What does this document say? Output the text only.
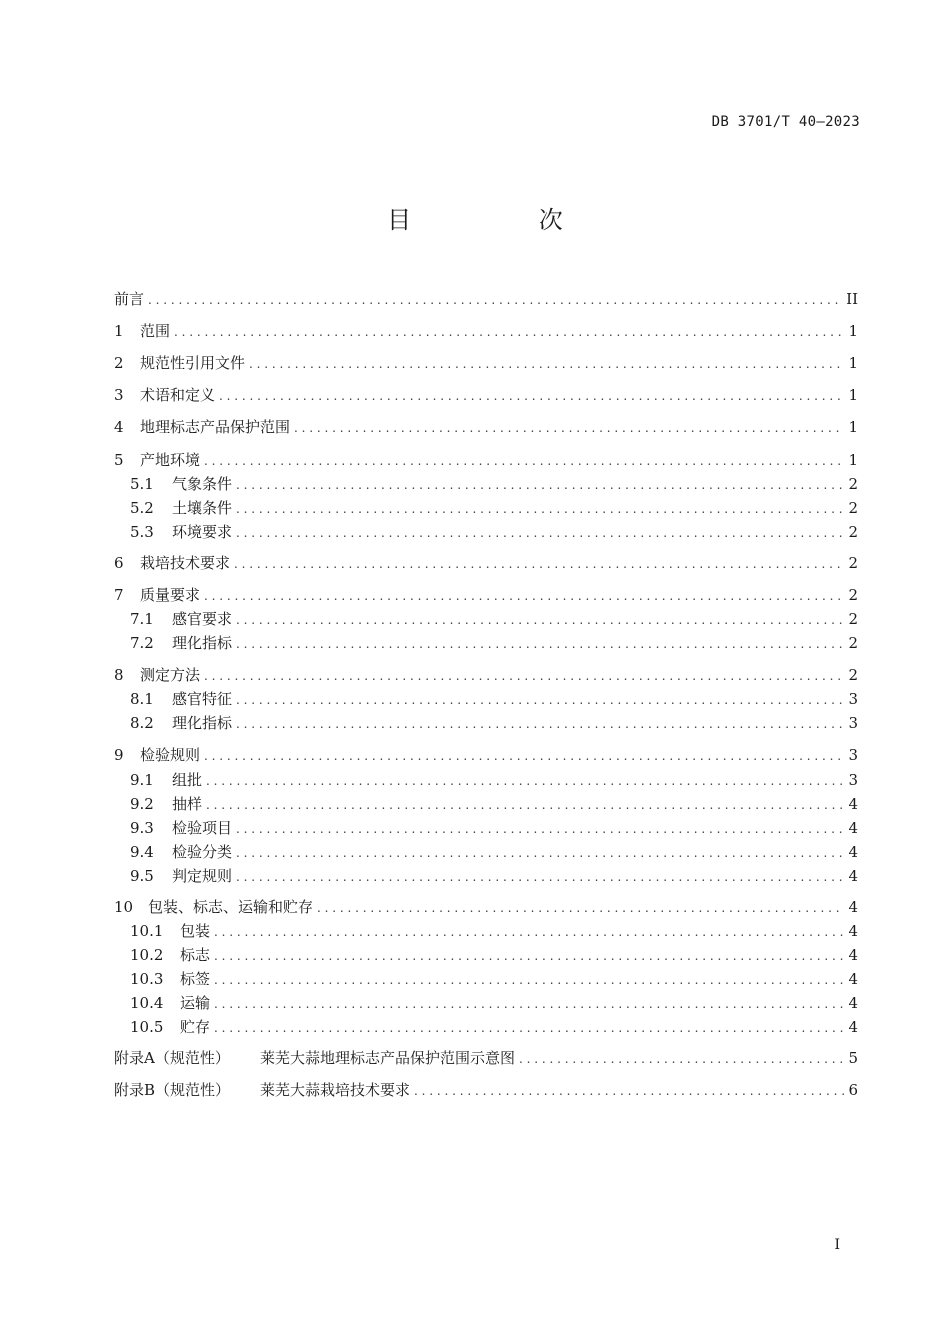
DB 3701/T 40—2023
目 次
前言 . . .	II
1	范围 . . .	1
2	规范性引用文件 . . .	1
3	术语和定义 . . .	1
4	地理标志产品保护范围 . . .	1
5	产地环境 . . .	1
5.1	气象条件 . . .	2
5.2	土壤条件 . . .	2
5.3	环境要求 . . .	2
6	栽培技术要求 . . .	2
7	质量要求 . . .	2
7.1	感官要求 . . .	2
7.2	理化指标 . . .	2
8	测定方法 . . .	2
8.1	感官特征 . . .	3
8.2	理化指标 . . .	3
9	检验规则 . . .	3
9.1	组批 . . .	3
9.2	抽样 . . .	4
9.3	检验项目 . . .	4
9.4	检验分类 . . .	4
9.5	判定规则 . . .	4
10 包装、标志、运输和贮存 . . .	4
10.1	包装 . . .	4
10.2	标志 . . .	4
10.3	标签 . . .	4
10.4	运输 . . .	4
10.5	贮存 . . .	4
附录A（规范性）	莱芜大蒜地理标志产品保护范围示意图 . . .	5
附录B（规范性）	莱芜大蒜栽培技术要求 . . .	6
I
